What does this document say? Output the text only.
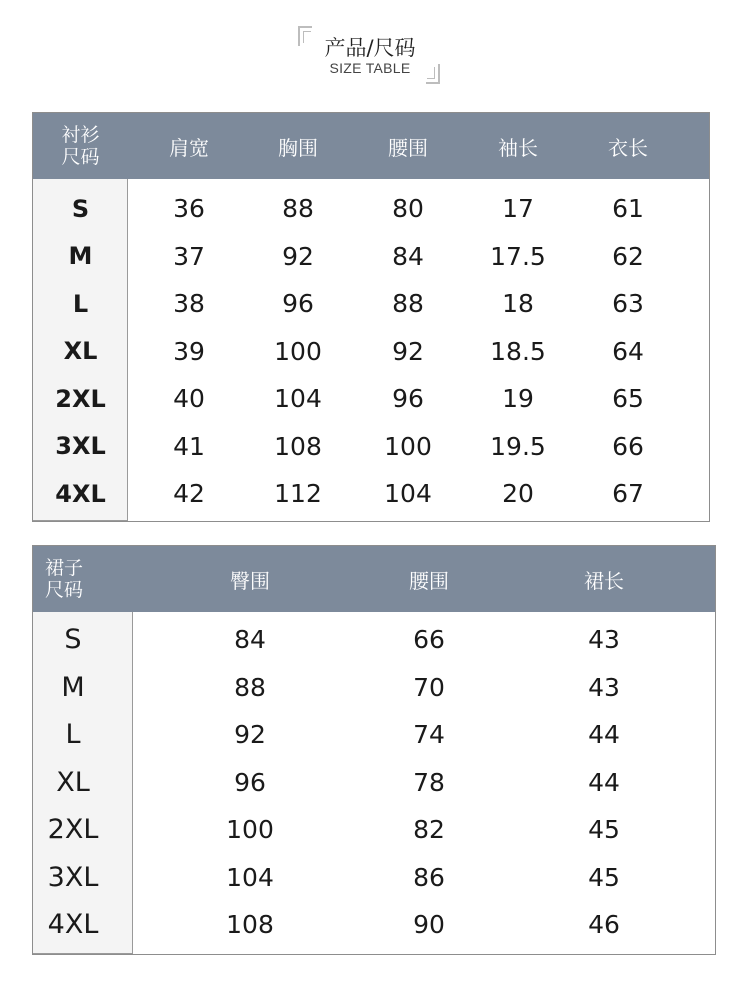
产品/尺码
SIZE TABLE
衬衫
尺码	肩宽	胸围	腰围	袖长	衣长
S	36	88	80	17	61
M	37	92	84	17.5	62
L	38	96	88	18	63
XL	39	100	92	18.5	64
2XL	40	104	96	19	65
3XL	41	108	100	19.5	66
4XL	42	112	104	20	67
裙子
尺码	臀围	腰围	裙长
S	84	66	43
M	88	70	43
L	92	74	44
XL	96	78	44
2XL	100	82	45
3XL	104	86	45
4XL	108	90	46
